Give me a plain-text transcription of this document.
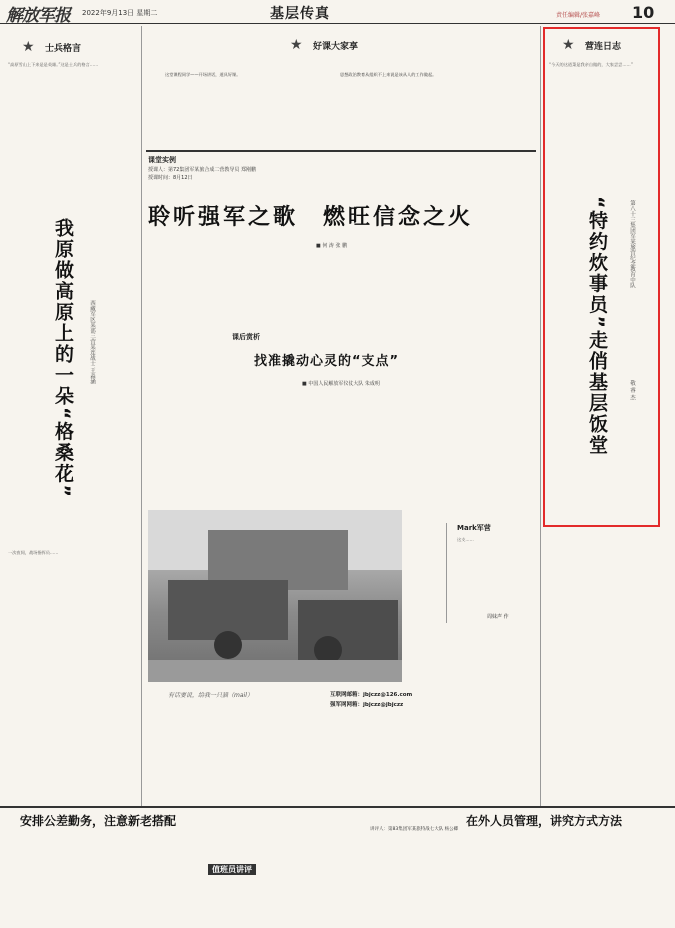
解放军报 2022年9月13日 星期二	基层传真	责任编辑/张嘉峰 10
★	士兵格言
“高原雪山上下来是是英雄。”这是士兵的格言……
我原做高原上的一朵“格桑花”	西藏军区某部三营某连战士 王淼涵
一次夜间，战场指挥员……
★	好课大家享
这堂课程同学——开场讲话，道具好课。	思想政治教育从组织不上来说是该从人的工作做起。
课堂实例
授课人：第72集团军某旅合成二营教导员 郑刚鹏
授课时间：8月12日
聆听强军之歌　燃旺信念之火
■ 何 涛 张 鹏
课后赏析
找准撬动心灵的“支点”
■ 中国人民解放军仪仗大队 朱成明
有话要说，给我一只猫（mail）	互联网邮箱：jbjczz@126.com
强军网网箱：jbjczz@jbjczz
Mark军营
这支……
周妹声 作
★	营连日志
“今天的这道菜是我亲自做的，大家尝尝……”
“特约炊事员”走俏基层饭堂	第八十三集团军某旅营纪念教育中队
敬 睿 杰
安排公差勤务，注意新老搭配
值班员讲评
在外人员管理，讲究方式方法
讲评人：第83集团军某旅特战七大队 杨公卿
